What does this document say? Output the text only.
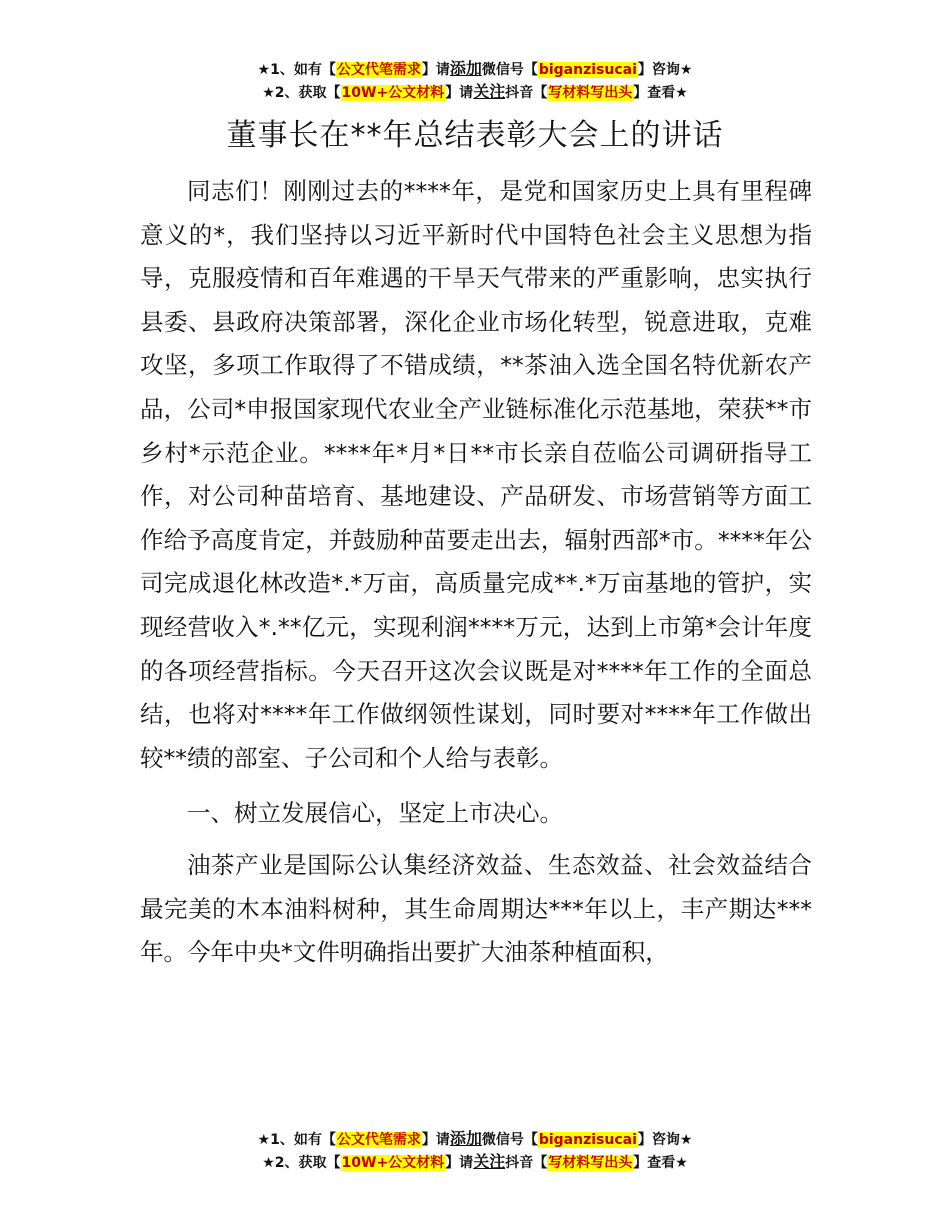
★1、如有【公文代笔需求】请添加微信号【biganzisucai】咨询★
★2、获取【10W+公文材料】请关注抖音【写材料写出头】查看★
董事长在**年总结表彰大会上的讲话

同志们！刚刚过去的****年，是党和国家历史上具有里程碑意义的*，我们坚持以习近平新时代中国特色社会主义思想为指导，克服疫情和百年难遇的干旱天气带来的严重影响，忠实执行县委、县政府决策部署，深化企业市场化转型，锐意进取，克难攻坚，多项工作取得了不错成绩，**茶油入选全国名特优新农产品，公司*申报国家现代农业全产业链标准化示范基地，荣获**市乡村*示范企业。****年*月*日**市长亲自莅临公司调研指导工作，对公司种苗培育、基地建设、产品研发、市场营销等方面工作给予高度肯定，并鼓励种苗要走出去，辐射西部*市。****年公司完成退化林改造*.*万亩，高质量完成**.*万亩基地的管护，实现经营收入*.**亿元，实现利润****万元，达到上市第*会计年度的各项经营指标。今天召开这次会议既是对****年工作的全面总结，也将对****年工作做纲领性谋划，同时要对****年工作做出较**绩的部室、子公司和个人给与表彰。

一、树立发展信心，坚定上市决心。

油茶产业是国际公认集经济效益、生态效益、社会效益结合最完美的木本油料树种，其生命周期达***年以上，丰产期达***年。今年中央*文件明确指出要扩大油茶种植面积，

★1、如有【公文代笔需求】请添加微信号【biganzisucai】咨询★
★2、获取【10W+公文材料】请关注抖音【写材料写出头】查看★
